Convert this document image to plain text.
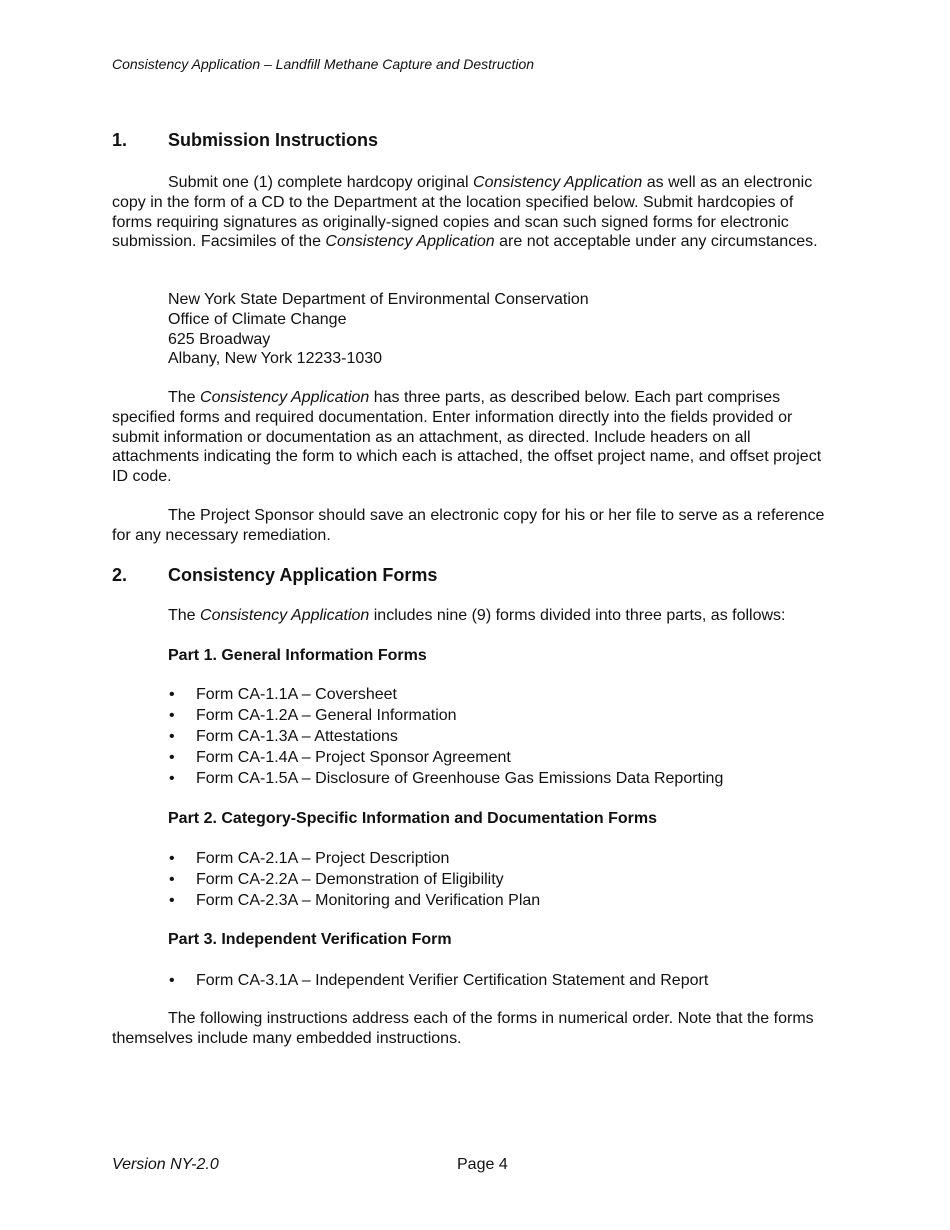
Consistency Application – Landfill Methane Capture and Destruction
1. Submission Instructions

Submit one (1) complete hardcopy original Consistency Application as well as an electronic copy in the form of a CD to the Department at the location specified below. Submit hardcopies of forms requiring signatures as originally-signed copies and scan such signed forms for electronic submission. Facsimiles of the Consistency Application are not acceptable under any circumstances.

New York State Department of Environmental Conservation
Office of Climate Change
625 Broadway
Albany, New York 12233-1030

The Consistency Application has three parts, as described below. Each part comprises specified forms and required documentation. Enter information directly into the fields provided or submit information or documentation as an attachment, as directed. Include headers on all attachments indicating the form to which each is attached, the offset project name, and offset project ID code.

The Project Sponsor should save an electronic copy for his or her file to serve as a reference for any necessary remediation.

2. Consistency Application Forms

The Consistency Application includes nine (9) forms divided into three parts, as follows:

Part 1. General Information Forms
• Form CA-1.1A – Coversheet
• Form CA-1.2A – General Information
• Form CA-1.3A – Attestations
• Form CA-1.4A – Project Sponsor Agreement
• Form CA-1.5A – Disclosure of Greenhouse Gas Emissions Data Reporting
Part 2. Category-Specific Information and Documentation Forms
• Form CA-2.1A – Project Description
• Form CA-2.2A – Demonstration of Eligibility
• Form CA-2.3A – Monitoring and Verification Plan
Part 3. Independent Verification Form
• Form CA-3.1A – Independent Verifier Certification Statement and Report

The following instructions address each of the forms in numerical order. Note that the forms themselves include many embedded instructions.

Version NY-2.0	Page 4
